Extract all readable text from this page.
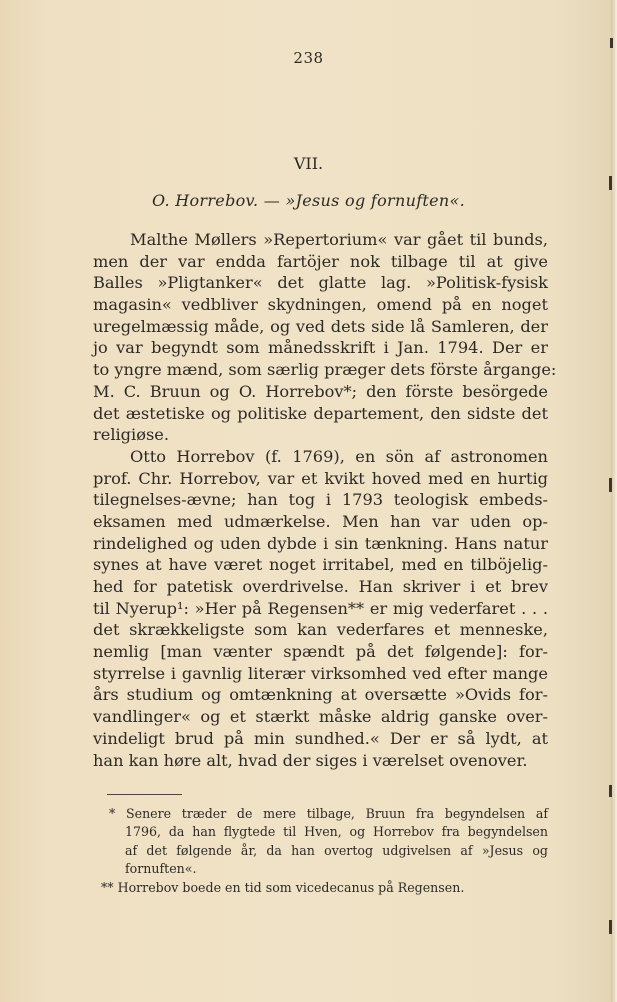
238
VII.
O. Horrebov. — »Jesus og fornuften«.
Malthe Møllers »Repertorium« var gået til bunds,
men der var endda fartöjer nok tilbage til at give
Balles »Pligtanker« det glatte lag. »Politisk-fysisk
magasin« vedbliver skydningen, omend på en noget
uregelmæssig måde, og ved dets side lå Samleren, der
jo var begyndt som månedsskrift i Jan. 1794. Der er
to yngre mænd, som særlig præger dets förste årgange:
M. C. Bruun og O. Horrebov*; den förste besörgede
det æstetiske og politiske departement, den sidste det
religiøse.
Otto Horrebov (f. 1769), en sön af astronomen
prof. Chr. Horrebov, var et kvikt hoved med en hurtig
tilegnelses-ævne; han tog i 1793 teologisk embeds-
eksamen med udmærkelse. Men han var uden op-
rindelighed og uden dybde i sin tænkning. Hans natur
synes at have været noget irritabel, med en tilböjelig-
hed for patetisk overdrivelse. Han skriver i et brev
til Nyerup¹: »Her på Regensen** er mig vederfaret . . .
det skrækkeligste som kan vederfares et menneske,
nemlig [man vænter spændt på det følgende]: for-
styrrelse i gavnlig literær virksomhed ved efter mange
års studium og omtænkning at oversætte »Ovids for-
vandlinger« og et stærkt måske aldrig ganske over-
vindeligt brud på min sundhed.« Der er så lydt, at
han kan høre alt, hvad der siges i værelset ovenover.
* Senere træder de mere tilbage, Bruun fra begyndelsen af
1796, da han flygtede til Hven, og Horrebov fra begyndelsen
af det følgende år, da han overtog udgivelsen af »Jesus og
fornuften«.
** Horrebov boede en tid som vicedecanus på Regensen.
